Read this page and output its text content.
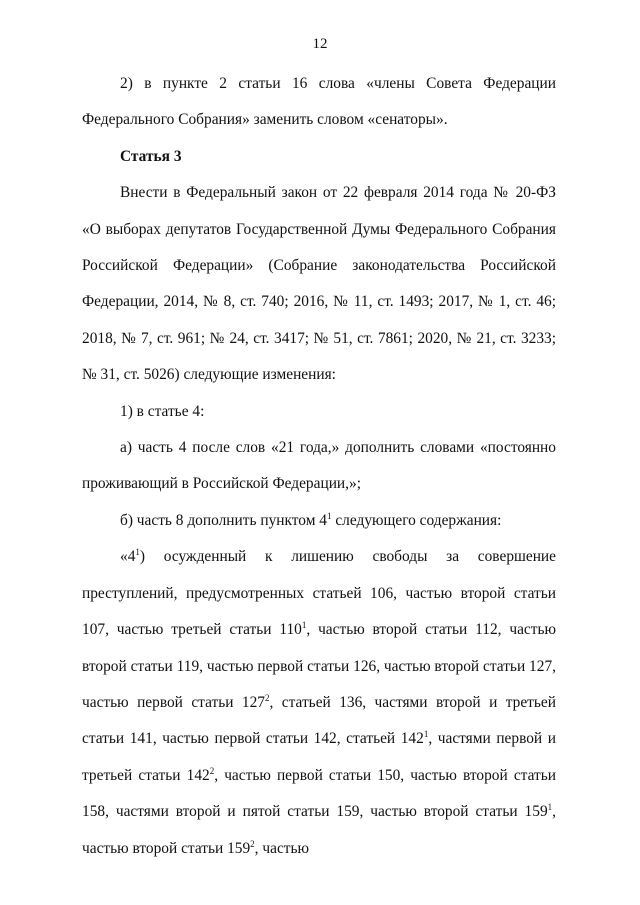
12

2) в пункте 2 статьи 16 слова «члены Совета Федерации Федерального Собрания» заменить словом «сенаторы».

Статья 3

Внести в Федеральный закон от 22 февраля 2014 года № 20-ФЗ «О выборах депутатов Государственной Думы Федерального Собрания Российской Федерации» (Собрание законодательства Российской Федерации, 2014, № 8, ст. 740; 2016, № 11, ст. 1493; 2017, № 1, ст. 46; 2018, № 7, ст. 961; № 24, ст. 3417; № 51, ст. 7861; 2020, № 21, ст. 3233; № 31, ст. 5026) следующие изменения:

1) в статье 4:

а) часть 4 после слов «21 года,» дополнить словами «постоянно проживающий в Российской Федерации,»;

б) часть 8 дополнить пунктом $4^1$ следующего содержания:

«$4^1$) осужденный к лишению свободы за совершение преступлений, предусмотренных статьей 106, частью второй статьи 107, частью третьей статьи $110^1$, частью второй статьи 112, частью второй статьи 119, частью первой статьи 126, частью второй статьи 127, частью первой статьи $127^2$, статьей 136, частями второй и третьей статьи 141, частью первой статьи 142, статьей $142^1$, частями первой и третьей статьи $142^2$, частью первой статьи 150, частью второй статьи 158, частями второй и пятой статьи 159, частью второй статьи $159^1$, частью второй статьи $159^2$, частью
